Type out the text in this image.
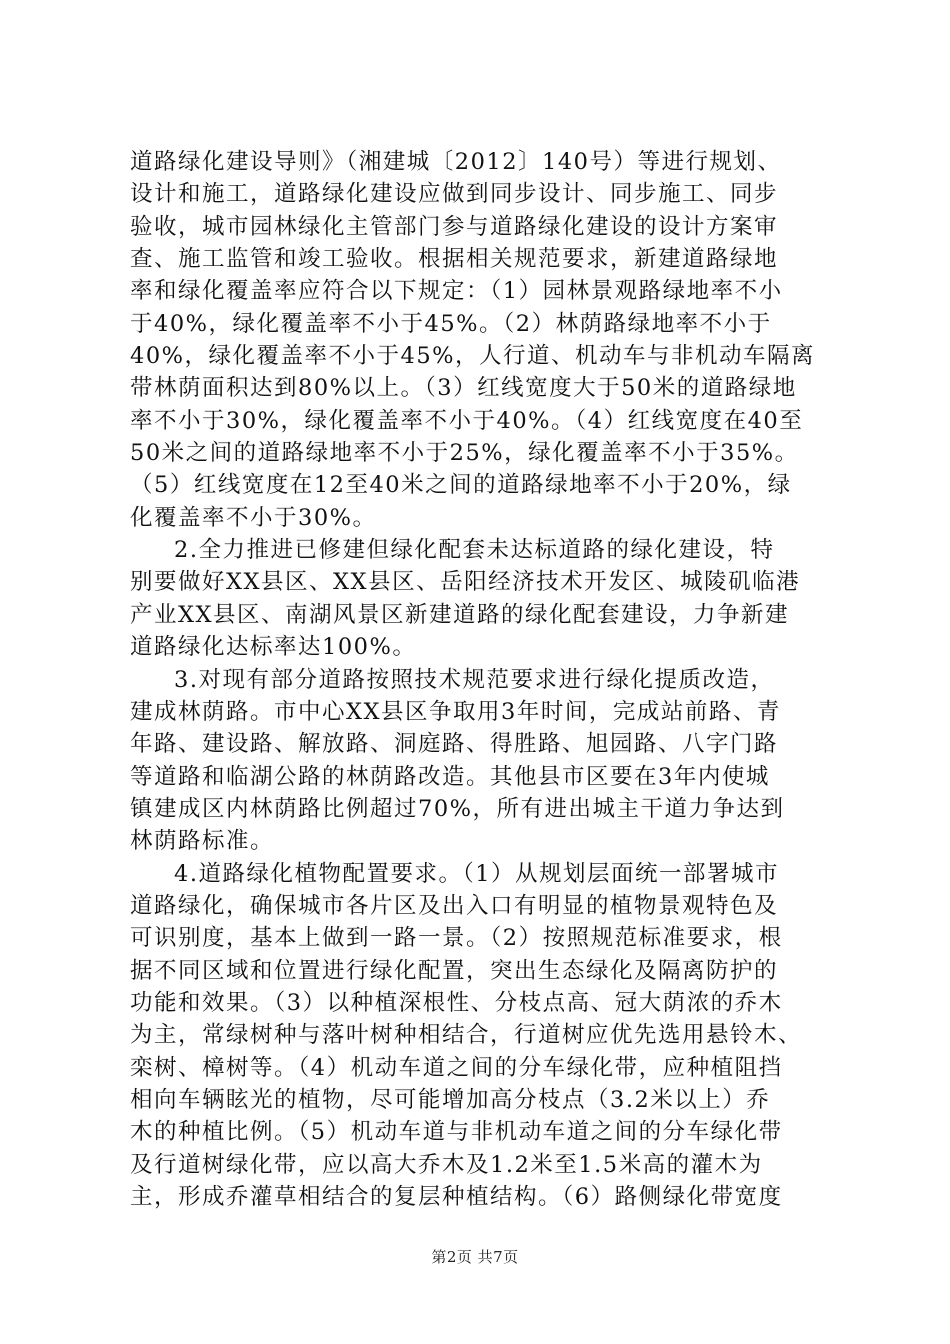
道路绿化建设导则》（湘建城〔2012〕140号）等进行规划、
设计和施工，道路绿化建设应做到同步设计、同步施工、同步
验收，城市园林绿化主管部门参与道路绿化建设的设计方案审
查、施工监管和竣工验收。根据相关规范要求，新建道路绿地
率和绿化覆盖率应符合以下规定：（1）园林景观路绿地率不小
于40%，绿化覆盖率不小于45%。（2）林荫路绿地率不小于
40%，绿化覆盖率不小于45%，人行道、机动车与非机动车隔离
带林荫面积达到80%以上。（3）红线宽度大于50米的道路绿地
率不小于30%，绿化覆盖率不小于40%。（4）红线宽度在40至
50米之间的道路绿地率不小于25%，绿化覆盖率不小于35%。
（5）红线宽度在12至40米之间的道路绿地率不小于20%，绿
化覆盖率不小于30%。
2.全力推进已修建但绿化配套未达标道路的绿化建设，特
别要做好XX县区、XX县区、岳阳经济技术开发区、城陵矶临港
产业XX县区、南湖风景区新建道路的绿化配套建设，力争新建
道路绿化达标率达100%。
3.对现有部分道路按照技术规范要求进行绿化提质改造，
建成林荫路。市中心XX县区争取用3年时间，完成站前路、青
年路、建设路、解放路、洞庭路、得胜路、旭园路、八字门路
等道路和临湖公路的林荫路改造。其他县市区要在3年内使城
镇建成区内林荫路比例超过70%，所有进出城主干道力争达到
林荫路标准。
4.道路绿化植物配置要求。（1）从规划层面统一部署城市
道路绿化，确保城市各片区及出入口有明显的植物景观特色及
可识别度，基本上做到一路一景。（2）按照规范标准要求，根
据不同区域和位置进行绿化配置，突出生态绿化及隔离防护的
功能和效果。（3）以种植深根性、分枝点高、冠大荫浓的乔木
为主，常绿树种与落叶树种相结合，行道树应优先选用悬铃木、
栾树、樟树等。（4）机动车道之间的分车绿化带，应种植阻挡
相向车辆眩光的植物，尽可能增加高分枝点（3.2米以上）乔
木的种植比例。（5）机动车道与非机动车道之间的分车绿化带
及行道树绿化带，应以高大乔木及1.2米至1.5米高的灌木为
主，形成乔灌草相结合的复层种植结构。（6）路侧绿化带宽度
第2页 共7页
